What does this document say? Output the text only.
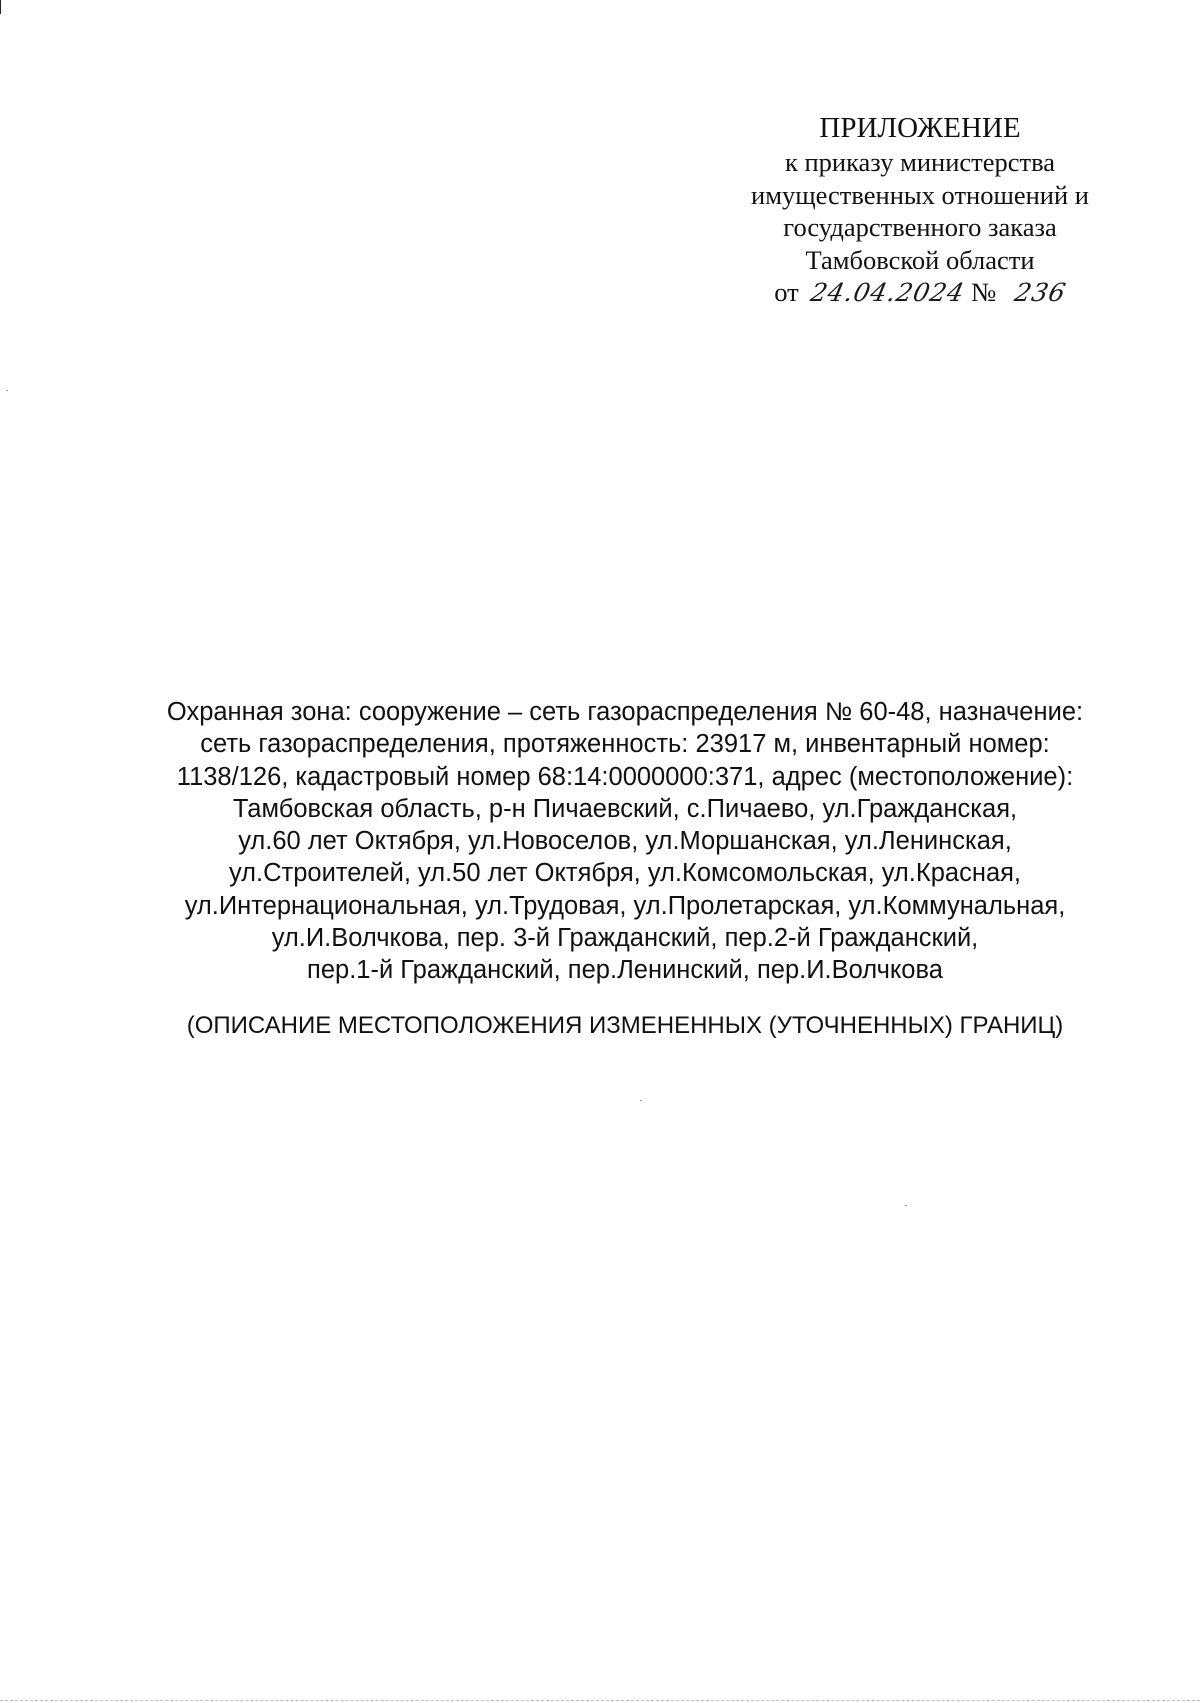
ПРИЛОЖЕНИЕ
к приказу министерства
имущественных отношений и
государственного заказа
Тамбовской области
от 24.04.2024 № 236
Охранная зона: сооружение – сеть газораспределения № 60-48, назначение:
сеть газораспределения, протяженность: 23917 м, инвентарный номер:
1138/126, кадастровый номер 68:14:0000000:371, адрес (местоположение):
Тамбовская область, р-н Пичаевский, с.Пичаево, ул.Гражданская,
ул.60 лет Октября, ул.Новоселов, ул.Моршанская, ул.Ленинская,
ул.Строителей, ул.50 лет Октября, ул.Комсомольская, ул.Красная,
ул.Интернациональная, ул.Трудовая, ул.Пролетарская, ул.Коммунальная,
ул.И.Волчкова, пер. 3-й Гражданский, пер.2-й Гражданский,
пер.1-й Гражданский, пер.Ленинский, пер.И.Волчкова
(ОПИСАНИЕ МЕСТОПОЛОЖЕНИЯ ИЗМЕНЕННЫХ (УТОЧНЕННЫХ) ГРАНИЦ)
